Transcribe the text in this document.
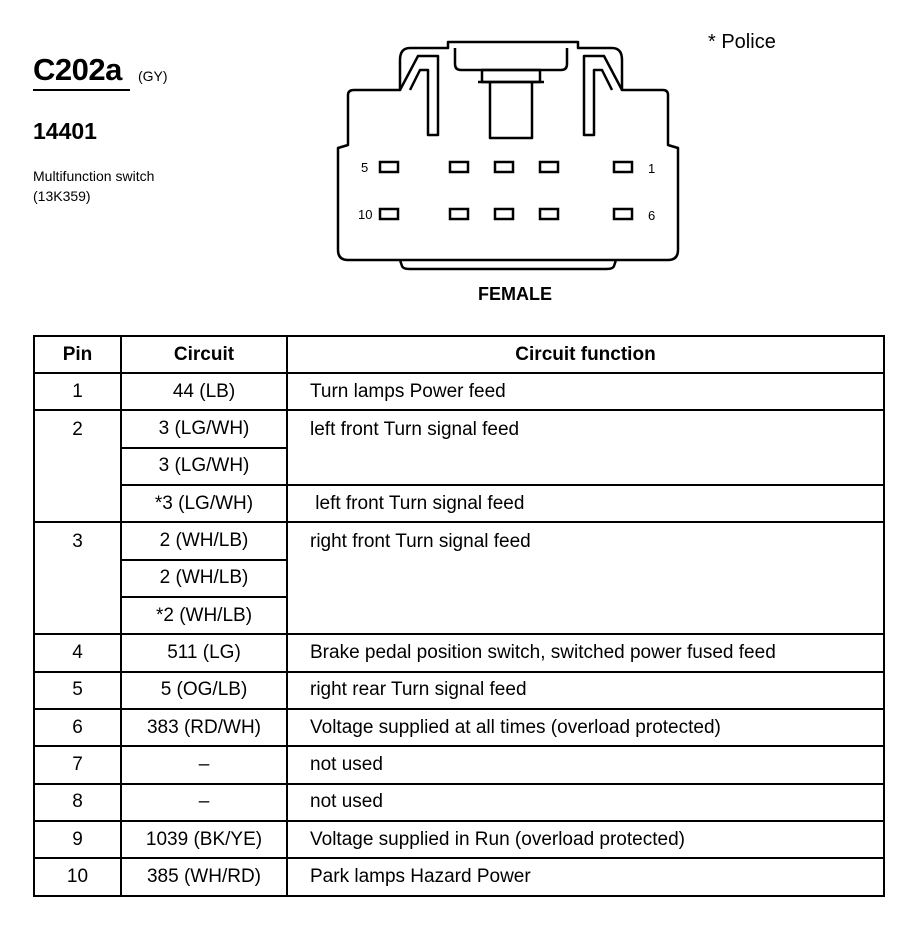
C202a (GY)
14401
Multifunction switch
(13K359)
* Police
5	1
10	6
FEMALE
Pin	Circuit	Circuit function
1	44 (LB)	Turn lamps Power feed
2	3 (LG/WH)	left front Turn signal feed
	3 (LG/WH)	
	*3 (LG/WH)	left front Turn signal feed
3	2 (WH/LB)	right front Turn signal feed
	2 (WH/LB)	
	*2 (WH/LB)	
4	511 (LG)	Brake pedal position switch, switched power fused feed
5	5 (OG/LB)	right rear Turn signal feed
6	383 (RD/WH)	Voltage supplied at all times (overload protected)
7	–	not used
8	–	not used
9	1039 (BK/YE)	Voltage supplied in Run (overload protected)
10	385 (WH/RD)	Park lamps Hazard Power
